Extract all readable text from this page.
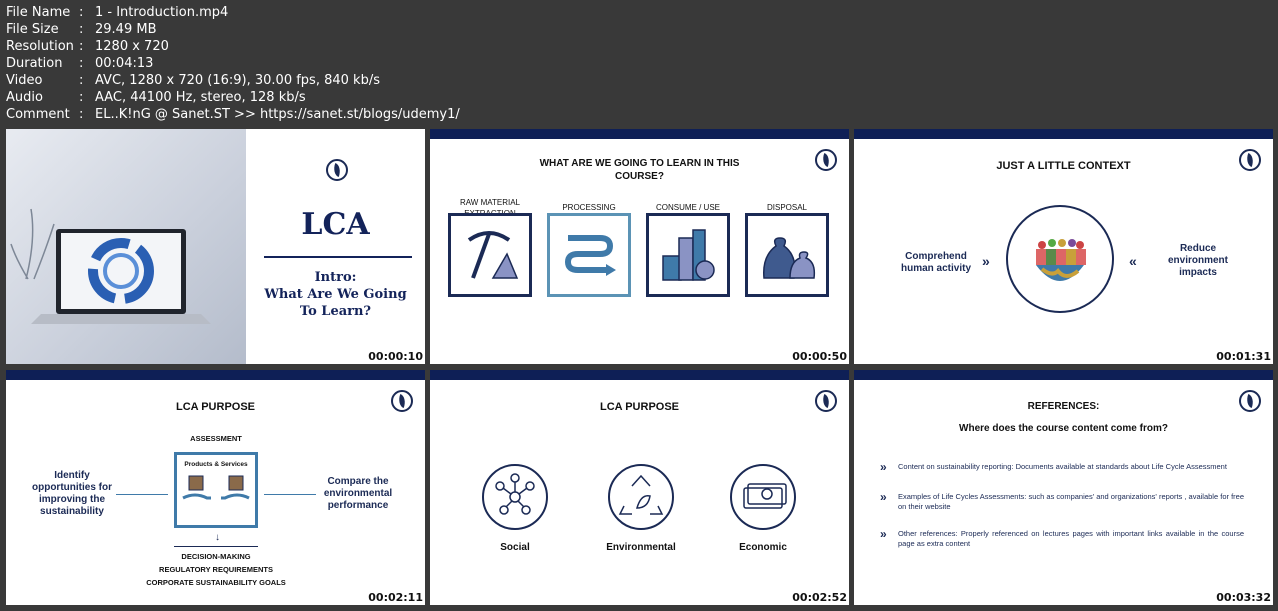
File Name : 1 - Introduction.mp4
File Size	: 29.49 MB
Resolution : 1280 x 720
Duration	: 00:04:13
Video	: AVC, 1280 x 720 (16:9), 30.00 fps, 840 kb/s
Audio	: AAC, 44100 Hz, stereo, 128 kb/s
Comment : EL..K!nG @ Sanet.ST >> https://sanet.st/blogs/udemy1/
LCA
Intro:
What Are We Going
To Learn?
00:00:10
WHAT ARE WE GOING TO LEARN IN THIS
COURSE?
RAW MATERIAL
EXTRACTION
PROCESSING	CONSUME / USE	DISPOSAL
00:00:50
JUST A LITTLE CONTEXT
Comprehend
human activity »	«
Reduce
environment
impacts
00:01:31
LCA PURPOSE
ASSESSMENT
Products & Services
Identify
opportunities for
improving the
sustainability
Compare the
environmental
performance
↓
DECISION-MAKING
REGULATORY REQUIREMENTS
CORPORATE SUSTAINABILITY GOALS
00:02:11
LCA PURPOSE
Social	Environmental	Economic
00:02:52
REFERENCES:
Where does the course content come from?
» Content on sustainability reporting: Documents available at standards about Life Cycle Assessment
» Examples of Life Cycles Assessments: such as companies' and organizations' reports , available for free on their website
» Other references: Properly referenced on lectures pages with important links available in the course page as extra content
00:03:32
